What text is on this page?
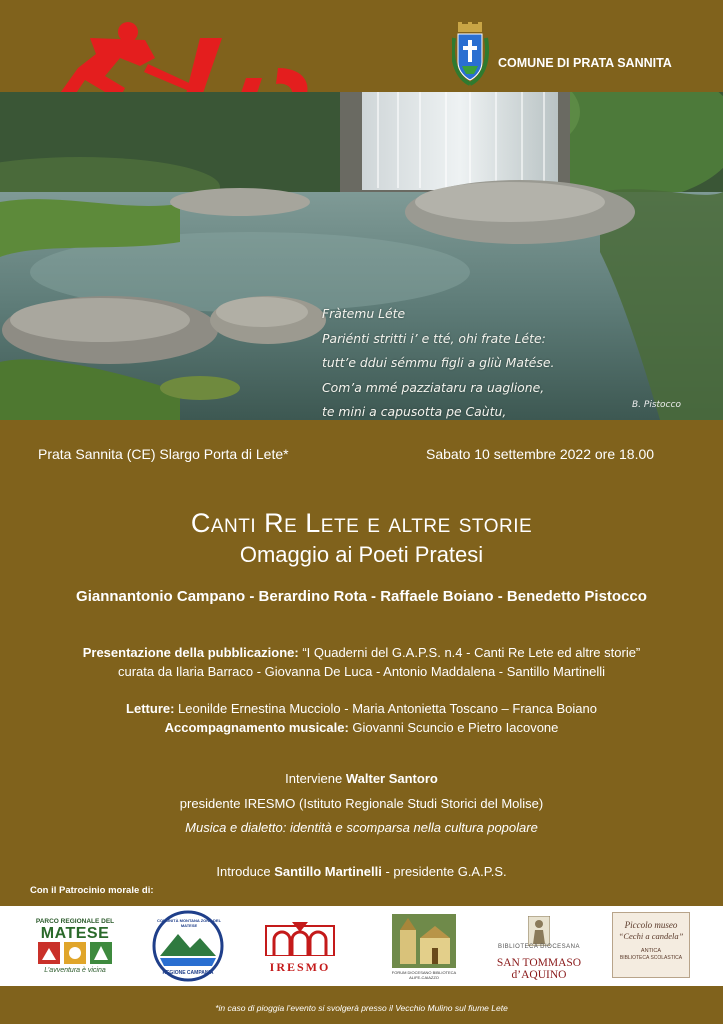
40
COMUNE DI PRATA SANNITA
Fràtemu Léte
Pariénti stritti i’ e tté, ohi frate Léte:
tutt’e ddui sémmu figli a gliù Matése.
Com’a mmé pazziataru ra uaglione,
te mini a capusotta pe Caùtu,	B. Pistocco
Prata Sannita (CE) Slargo Porta di Lete*	Sabato 10 settembre 2022 ore 18.00
Canti Re Lete e altre storie
Omaggio ai Poeti Pratesi
Giannantonio Campano - Berardino Rota - Raffaele Boiano - Benedetto Pistocco
Presentazione della pubblicazione: “I Quaderni del G.A.P.S. n.4 - Canti Re Lete ed altre storie”
curata da Ilaria Barraco - Giovanna De Luca - Antonio Maddalena - Santillo Martinelli
Letture: Leonilde Ernestina Mucciolo - Maria Antonietta Toscano – Franca Boiano
Accompagnamento musicale: Giovanni Scuncio e Pietro Iacovone
Interviene Walter Santoro
presidente IRESMO (Istituto Regionale Studi Storici del Molise)
Musica e dialetto: identità e scomparsa nella cultura popolare
Introduce Santillo Martinelli - presidente G.A.P.S.
Con il Patrocinio morale di:
PARCO REGIONALE DEL
MATESE
L’avventura è vicina
COMUNITÀ MONTANA ZONA DEL MATESE
REGIONE CAMPANIA	IRESMO	FORUM DIOCESANO BIBLIOTECA ALIFE-CAIAZZO
BIBLIOTECA DIOCESANA
SAN TOMMASO d’AQUINO
Piccolo museo
“Cechi a candela”
ANTICA
BIBLIOTECA SCOLASTICA
*in caso di pioggia l’evento si svolgerà presso il Vecchio Mulino sul fiume Lete
